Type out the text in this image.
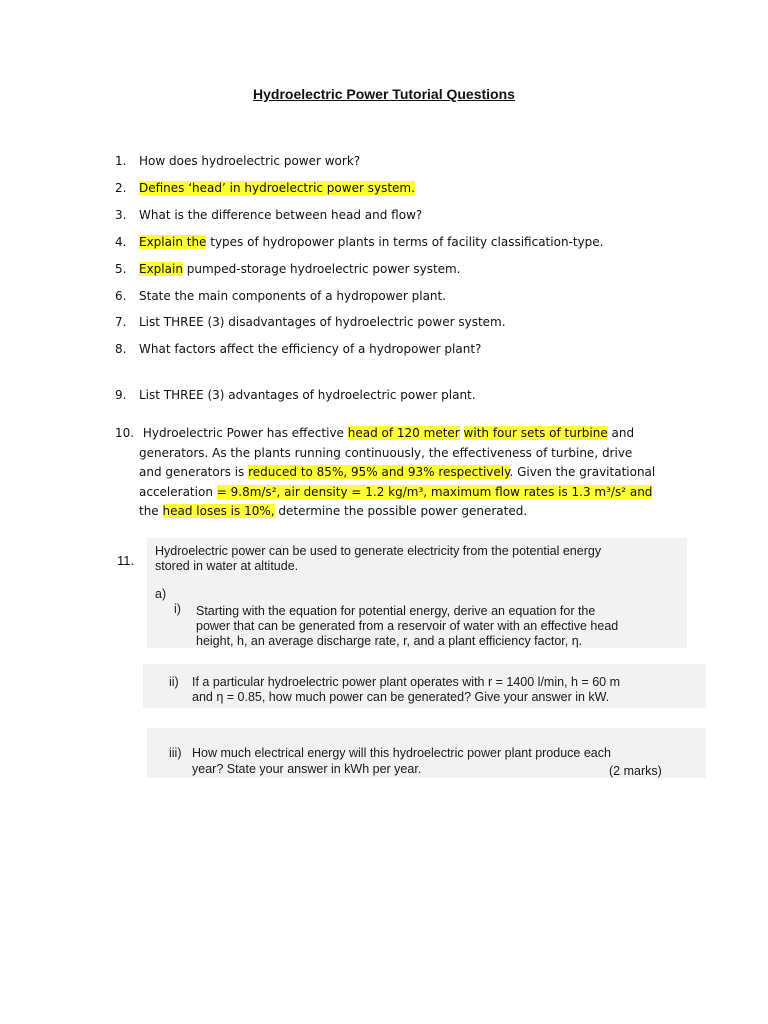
Hydroelectric Power Tutorial Questions
1. How does hydroelectric power work?
2. Defines ‘head’ in hydroelectric power system.
3. What is the difference between head and flow?
4. Explain the types of hydropower plants in terms of facility classification-type.
5. Explain pumped-storage hydroelectric power system.
6. State the main components of a hydropower plant.
7. List THREE (3) disadvantages of hydroelectric power system.
8. What factors affect the efficiency of a hydropower plant?
9. List THREE (3) advantages of hydroelectric power plant.
10. Hydroelectric Power has effective head of 120 meter with four sets of turbine and
generators. As the plants running continuously, the effectiveness of turbine, drive
and generators is reduced to 85%, 95% and 93% respectively. Given the gravitational
acceleration = 9.8m/s², air density = 1.2 kg/m³, maximum flow rates is 1.3 m³/s² and
the head loses is 10%, determine the possible power generated.
11.
Hydroelectric power can be used to generate electricity from the potential energy
stored in water at altitude.
a)
i) Starting with the equation for potential energy, derive an equation for the
power that can be generated from a reservoir of water with an effective head
height, h, an average discharge rate, r, and a plant efficiency factor, η.
ii) If a particular hydroelectric power plant operates with r = 1400 l/min, h = 60 m
and η = 0.85, how much power can be generated? Give your answer in kW.
iii) How much electrical energy will this hydroelectric power plant produce each
year? State your answer in kWh per year.	(2 marks)
